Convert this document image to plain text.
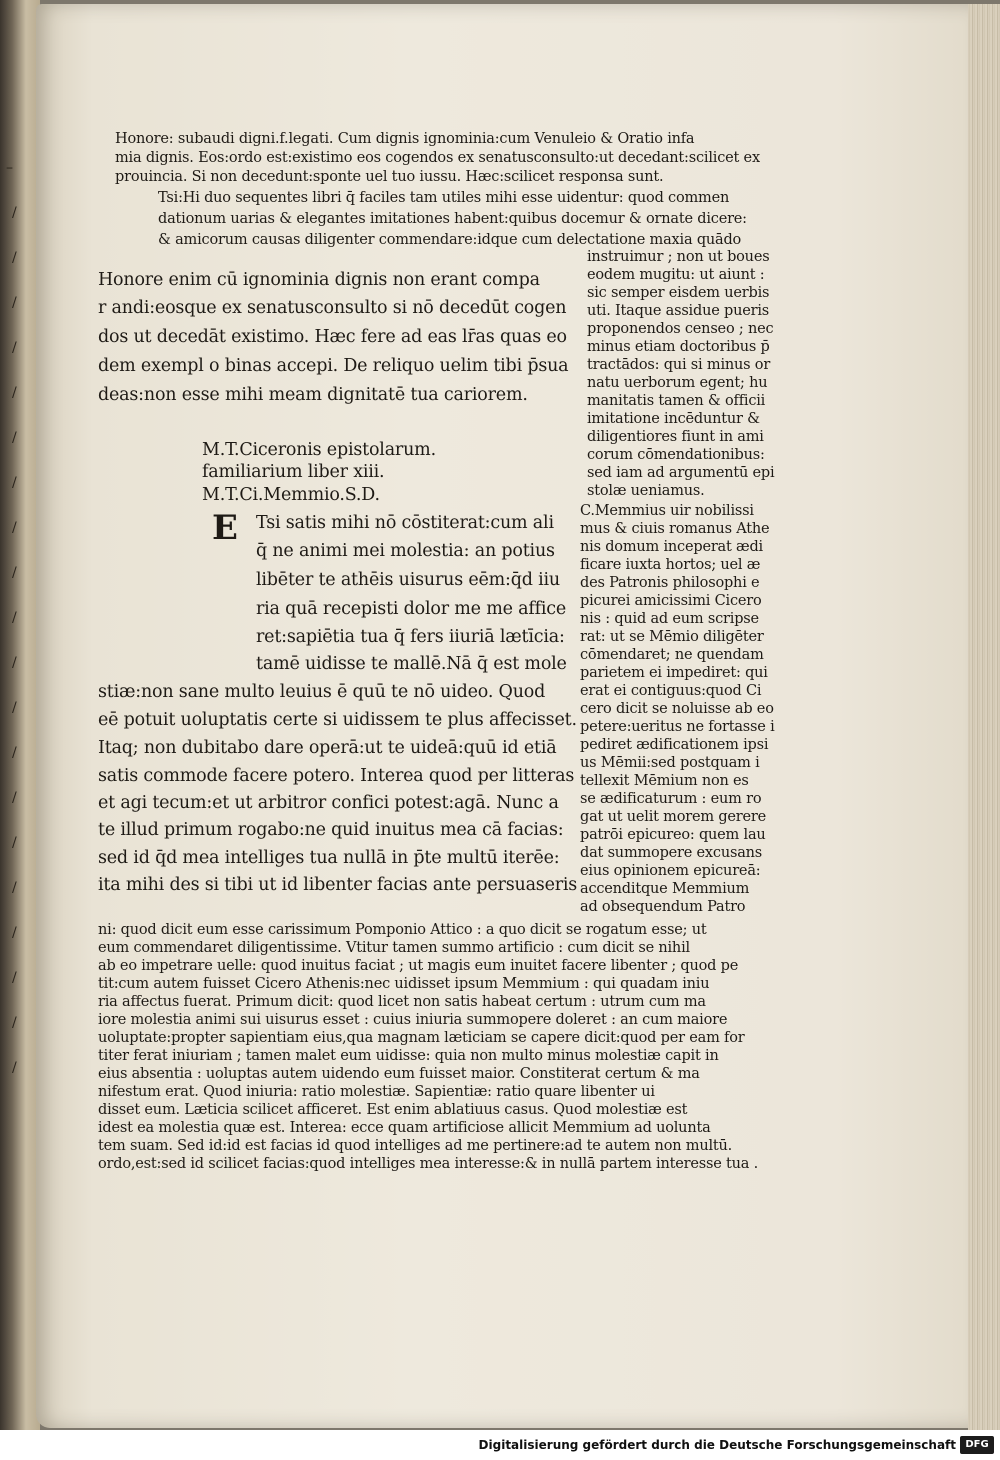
Honore: subaudi digni.f.legati. Cum dignis ignominia:cum Venuleio & Oratio infa
mia dignis. Eos:ordo est:existimo eos cogendos ex senatusconsulto:ut decedant:scilicet ex
prouincia. Si non decedunt:sponte uel tuo iussu. Hæc:scilicet responsa sunt.
Tsi:Hi duo sequentes libri q̄ faciles tam utiles mihi esse uidentur: quod commen
dationum uarias & elegantes imitationes habent:quibus docemur & ornate dicere:
& amicorum causas diligenter commendare:idque cum delectatione maxia quādo
Honore enim cū ignominia dignis non erant compa
r andi:eosque ex senatusconsulto si nō decedūt cogen
dos ut decedāt existimo. Hæc fere ad eas lr̄as quas eo
dem exempl o binas accepi. De reliquo uelim tibi p̄sua
deas:non esse mihi meam dignitatē tua cariorem.
M.T.Ciceronis epistolarum.
familiarium liber xiii.
M.T.Ci.Memmio.S.D.
E Tsi satis mihi nō cōstiterat:cum ali
q̄ ne animi mei molestia: an potius
libēter te athēis uisurus eēm:q̄d iiu
ria quā recepisti dolor me me affice
ret:sapiētia tua q̄ fers iiuriā lætīcia:
tamē uidisse te mallē.Nā q̄ est mole
stiæ:non sane multo leuius ē quū te nō uideo. Quod
eē potuit uoluptatis certe si uidissem te plus affecisset.
Itaq; non dubitabo dare operā:ut te uideā:quū id etiā
satis commode facere potero. Interea quod per litteras
et agi tecum:et ut arbitror confici potest:agā. Nunc a
te illud primum rogabo:ne quid inuitus mea cā facias:
sed id q̄d mea intelliges tua nullā in p̄te multū iterēe:
ita mihi des si tibi ut id libenter facias ante persuaseris
instruimur ; non ut boues
eodem mugitu: ut aiunt :
sic semper eisdem uerbis
uti. Itaque assidue pueris
proponendos censeo ; nec
minus etiam doctoribus p̄
tractādos: qui si minus or
natu uerborum egent; hu
manitatis tamen & officii
imitatione incēduntur &
diligentiores fiunt in ami
corum cōmendationibus:
sed iam ad argumentū epi
stolæ ueniamus.
C.Memmius uir nobilissi
mus & ciuis romanus Athe
nis domum inceperat ædi
ficare iuxta hortos; uel æ
des Patronis philosophi e
picurei amicissimi Cicero
nis : quid ad eum scripse
rat: ut se Mēmio diligēter
cōmendaret; ne quendam
parietem ei impediret: qui
erat ei contiguus:quod Ci
cero dicit se noluisse ab eo
petere:ueritus ne fortasse i
pediret ædificationem ipsi
us Mēmii:sed postquam i
tellexit Mēmium non es
se ædificaturum : eum ro
gat ut uelit morem gerere
patrōi epicureo: quem lau
dat summopere excusans
eius opinionem epicureā:
accenditque Memmium
ad obsequendum Patro
ni: quod dicit eum esse carissimum Pomponio Attico : a quo dicit se rogatum esse; ut
eum commendaret diligentissime. Vtitur tamen summo artificio : cum dicit se nihil
ab eo impetrare uelle: quod inuitus faciat ; ut magis eum inuitet facere libenter ; quod pe
tit:cum autem fuisset Cicero Athenis:nec uidisset ipsum Memmium : qui quadam iniu
ria affectus fuerat. Primum dicit: quod licet non satis habeat certum : utrum cum ma
iore molestia animi sui uisurus esset : cuius iniuria summopere doleret : an cum maiore
uoluptate:propter sapientiam eius,qua magnam læticiam se capere dicit:quod per eam for
titer ferat iniuriam ; tamen malet eum uidisse: quia non multo minus molestiæ capit in
eius absentia : uoluptas autem uidendo eum fuisset maior. Constiterat certum & ma
nifestum erat. Quod iniuria: ratio molestiæ. Sapientiæ: ratio quare libenter ui
disset eum. Læticia scilicet afficeret. Est enim ablatiuus casus. Quod molestiæ est
idest ea molestia quæ est. Interea: ecce quam artificiose allicit Memmium ad uolunta
tem suam. Sed id:id est facias id quod intelliges ad me pertinere:ad te autem non multū.
ordo,est:sed id scilicet facias:quod intelliges mea interesse:& in nullā partem interesse tua .
–
/
/
/
/
/
/
/
/
/
/
/
/
/
/
/
/
/
/
/
/
Digitalisierung gefördert durch die Deutsche Forschungsgemeinschaft DFG
